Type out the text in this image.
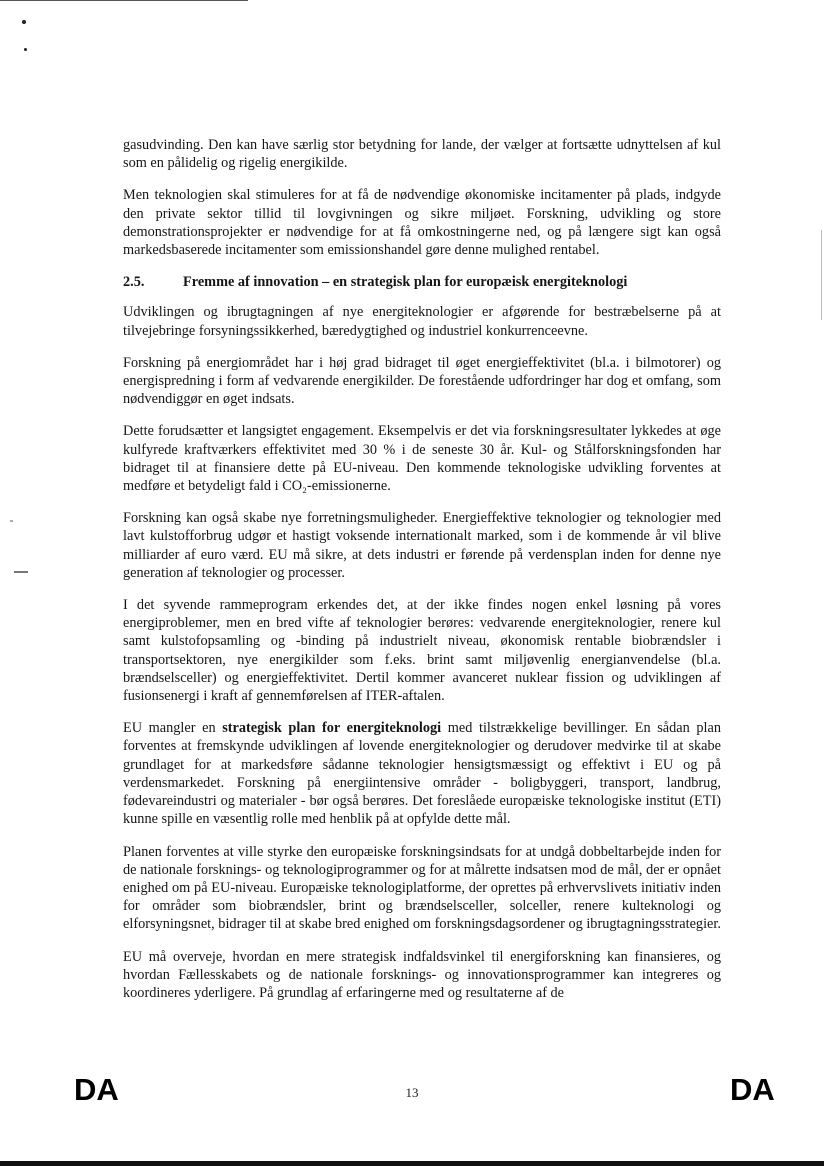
gasudvinding. Den kan have særlig stor betydning for lande, der vælger at fortsætte udnyttelsen af kul som en pålidelig og rigelig energikilde.

Men teknologien skal stimuleres for at få de nødvendige økonomiske incitamenter på plads, indgyde den private sektor tillid til lovgivningen og sikre miljøet. Forskning, udvikling og store demonstrationsprojekter er nødvendige for at få omkostningerne ned, og på længere sigt kan også markedsbaserede incitamenter som emissionshandel gøre denne mulighed rentabel.

2.5.	Fremme af innovation – en strategisk plan for europæisk energiteknologi

Udviklingen og ibrugtagningen af nye energiteknologier er afgørende for bestræbelserne på at tilvejebringe forsyningssikkerhed, bæredygtighed og industriel konkurrenceevne.

Forskning på energiområdet har i høj grad bidraget til øget energieffektivitet (bl.a. i bilmotorer) og energispredning i form af vedvarende energikilder. De forestående udfordringer har dog et omfang, som nødvendiggør en øget indsats.

Dette forudsætter et langsigtet engagement. Eksempelvis er det via forskningsresultater lykkedes at øge kulfyrede kraftværkers effektivitet med 30 % i de seneste 30 år. Kul- og Stålforskningsfonden har bidraget til at finansiere dette på EU-niveau. Den kommende teknologiske udvikling forventes at medføre et betydeligt fald i CO₂-emissionerne.

Forskning kan også skabe nye forretningsmuligheder. Energieffektive teknologier og teknologier med lavt kulstofforbrug udgør et hastigt voksende internationalt marked, som i de kommende år vil blive milliarder af euro værd. EU må sikre, at dets industri er førende på verdensplan inden for denne nye generation af teknologier og processer.

I det syvende rammeprogram erkendes det, at der ikke findes nogen enkel løsning på vores energiproblemer, men en bred vifte af teknologier berøres: vedvarende energiteknologier, renere kul samt kulstofopsamling og -binding på industrielt niveau, økonomisk rentable biobrændsler i transportsektoren, nye energikilder som f.eks. brint samt miljøvenlig energianvendelse (bl.a. brændselsceller) og energieffektivitet. Dertil kommer avanceret nuklear fission og udviklingen af fusionsenergi i kraft af gennemførelsen af ITER-aftalen.

EU mangler en strategisk plan for energiteknologi med tilstrækkelige bevillinger. En sådan plan forventes at fremskynde udviklingen af lovende energiteknologier og derudover medvirke til at skabe grundlaget for at markedsføre sådanne teknologier hensigtsmæssigt og effektivt i EU og på verdensmarkedet. Forskning på energiintensive områder - boligbyggeri, transport, landbrug, fødevareindustri og materialer - bør også berøres. Det foreslåede europæiske teknologiske institut (ETI) kunne spille en væsentlig rolle med henblik på at opfylde dette mål.

Planen forventes at ville styrke den europæiske forskningsindsats for at undgå dobbeltarbejde inden for de nationale forsknings- og teknologiprogrammer og for at målrette indsatsen mod de mål, der er opnået enighed om på EU-niveau. Europæiske teknologiplatforme, der oprettes på erhvervslivets initiativ inden for områder som biobrændsler, brint og brændselsceller, solceller, renere kulteknologi og elforsyningsnet, bidrager til at skabe bred enighed om forskningsdagsordener og ibrugtagningsstrategier.

EU må overveje, hvordan en mere strategisk indfaldsvinkel til energiforskning kan finansieres, og hvordan Fællesskabets og de nationale forsknings- og innovationsprogrammer kan integreres og koordineres yderligere. På grundlag af erfaringerne med og resultaterne af de

DA	13	DA
